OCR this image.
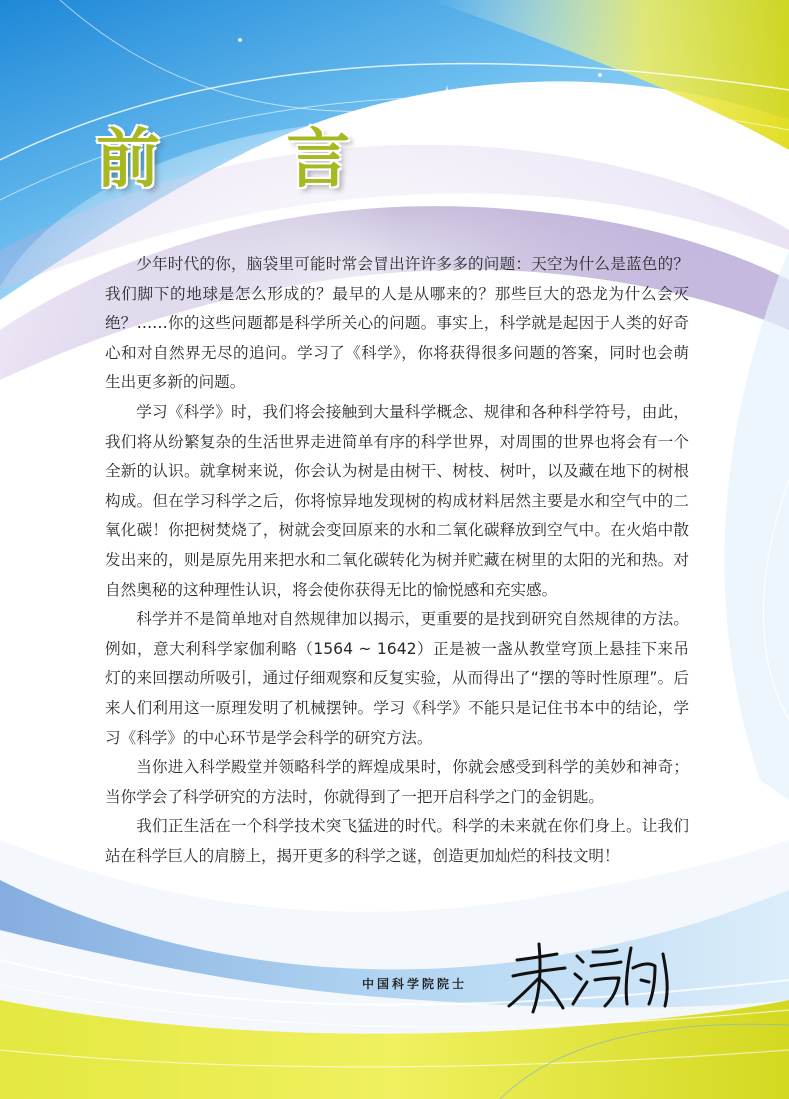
前 言

少年时代的你，脑袋里可能时常会冒出许许多多的问题：天空为什么是蓝色的？我们脚下的地球是怎么形成的？最早的人是从哪来的？那些巨大的恐龙为什么会灭绝？……你的这些问题都是科学所关心的问题。事实上，科学就是起因于人类的好奇心和对自然界无尽的追问。学习了《科学》，你将获得很多问题的答案，同时也会萌生出更多新的问题。

学习《科学》时，我们将会接触到大量科学概念、规律和各种科学符号，由此，我们将从纷繁复杂的生活世界走进简单有序的科学世界，对周围的世界也将会有一个全新的认识。就拿树来说，你会认为树是由树干、树枝、树叶，以及藏在地下的树根构成。但在学习科学之后，你将惊异地发现树的构成材料居然主要是水和空气中的二氧化碳！你把树焚烧了，树就会变回原来的水和二氧化碳释放到空气中。在火焰中散发出来的，则是原先用来把水和二氧化碳转化为树并贮藏在树里的太阳的光和热。对自然奥秘的这种理性认识，将会使你获得无比的愉悦感和充实感。

科学并不是简单地对自然规律加以揭示，更重要的是找到研究自然规律的方法。例如，意大利科学家伽利略（1564 ~ 1642）正是被一盏从教堂穹顶上悬挂下来吊灯的来回摆动所吸引，通过仔细观察和反复实验，从而得出了“摆的等时性原理”。后来人们利用这一原理发明了机械摆钟。学习《科学》不能只是记住书本中的结论，学习《科学》的中心环节是学会科学的研究方法。

当你进入科学殿堂并领略科学的辉煌成果时，你就会感受到科学的美妙和神奇；当你学会了科学研究的方法时，你就得到了一把开启科学之门的金钥匙。

我们正生活在一个科学技术突飞猛进的时代。科学的未来就在你们身上。让我们站在科学巨人的肩膀上，揭开更多的科学之谜，创造更加灿烂的科技文明！

中国科学院院士
